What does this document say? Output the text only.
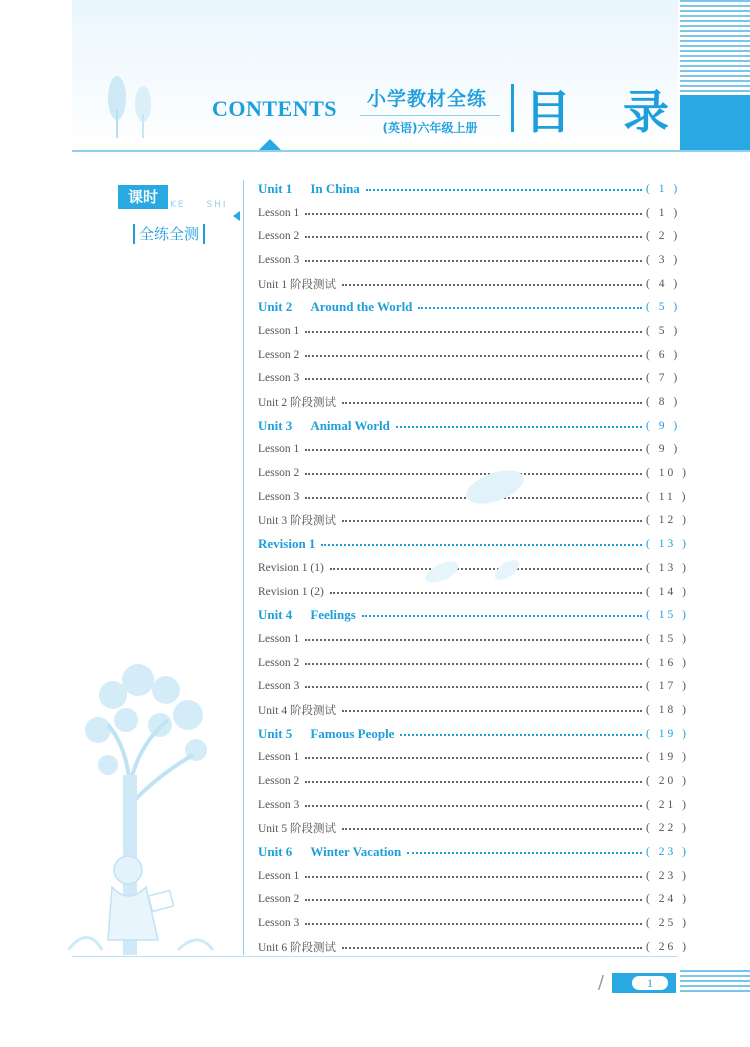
CONTENTS	小学教材全练
(英语)六年级上册	目 录
课时	KE SHI
全练全测
Unit 1 In China	( 1 )
Lesson 1	( 1 )
Lesson 2	( 2 )
Lesson 3	( 3 )
Unit 1 阶段测试	( 4 )
Unit 2 Around the World	( 5 )
Lesson 1	( 5 )
Lesson 2	( 6 )
Lesson 3	( 7 )
Unit 2 阶段测试	( 8 )
Unit 3 Animal World	( 9 )
Lesson 1	( 9 )
Lesson 2	( 10 )
Lesson 3	( 11 )
Unit 3 阶段测试	( 12 )
Revision 1	( 13 )
Revision 1 (1)	( 13 )
Revision 1 (2)	( 14 )
Unit 4 Feelings	( 15 )
Lesson 1	( 15 )
Lesson 2	( 16 )
Lesson 3	( 17 )
Unit 4 阶段测试	( 18 )
Unit 5 Famous People	( 19 )
Lesson 1	( 19 )
Lesson 2	( 20 )
Lesson 3	( 21 )
Unit 5 阶段测试	( 22 )
Unit 6 Winter Vacation	( 23 )
Lesson 1	( 23 )
Lesson 2	( 24 )
Lesson 3	( 25 )
Unit 6 阶段测试	( 26 )
/	1
